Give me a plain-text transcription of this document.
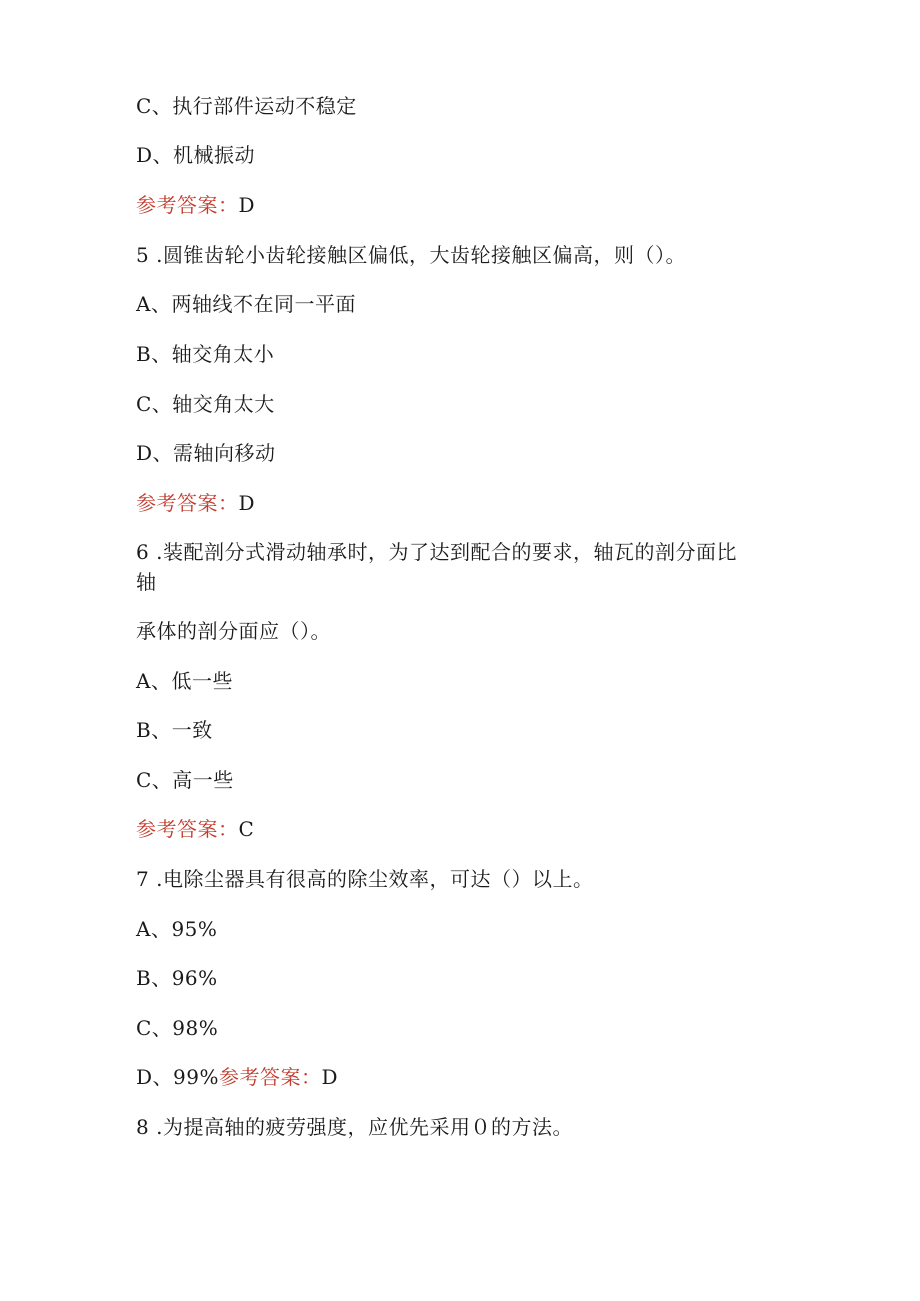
C、执行部件运动不稳定
D、机械振动
参考答案：D
5 .圆锥齿轮小齿轮接触区偏低，大齿轮接触区偏高，则（）。
A、两轴线不在同一平面
B、轴交角太小
C、轴交角太大
D、需轴向移动
参考答案：D
6 .装配剖分式滑动轴承时，为了达到配合的要求，轴瓦的剖分面比
轴
承体的剖分面应（）。
A、低一些
B、一致
C、高一些
参考答案：C
7 .电除尘器具有很高的除尘效率，可达（）以上。
A、95%
B、96%
C、98%
D、99%参考答案：D
8 .为提高轴的疲劳强度，应优先采用０的方法。
